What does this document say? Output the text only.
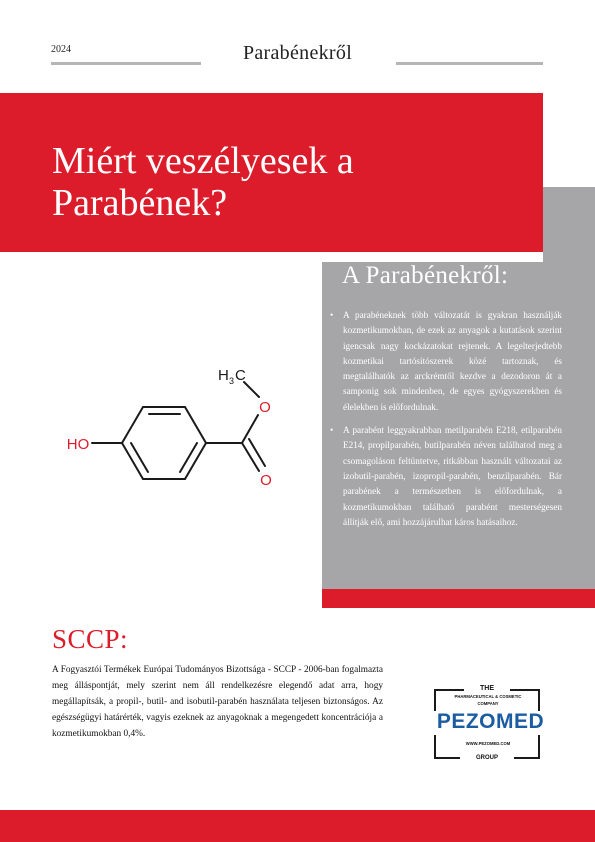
2024	Parabénekről
Miért veszélyesek a
Parabének?
A Parabénekről:
• A parabéneknek több változatát is gyakran használják kozmetikumokban, de ezek az anyagok a kutatások szerint igencsak nagy kockázatokat rejtenek. A legelterjedtebb kozmetikai tartósítószerek közé tartoznak, és megtalálhatók az arckrémtől kezdve a dezodoron át a samponig sok mindenben, de egyes gyógyszerekben és élelekben is előfordulnak.
• A parabént leggyakrabban metilparabén E218, etilparabén E214, propilparabén, butilparabén néven találhatod meg a csomagoláson feltüntetve, ritkábban használt változatai az izobutil-parabén, izopropil-parabén, benzilparabén. Bár parabének a természetben is előfordulnak, a kozmetikumokban található parabént mesterségesen állítják elő, ami hozzájárulhat káros hatásaihoz.
HO
O
O
H 3 C
SCCP:

A Fogyasztói Termékek Európai Tudományos Bizottsága - SCCP - 2006-ban fogalmazta meg álláspontját, mely szerint nem áll rendelkezésre elegendő adat arra, hogy megállapítsák, a propil-, butil- and isobutil-parabén használata teljesen biztonságos. Az egészségügyi határérték, vagyis ezeknek az anyagoknak a megengedett koncentrációja a kozmetikumokban 0,4%.

THE
PHARMACEUTICAL & COSMETIC
COMPANY
PEZOMED
WWW.PEZOMED.COM
GROUP
